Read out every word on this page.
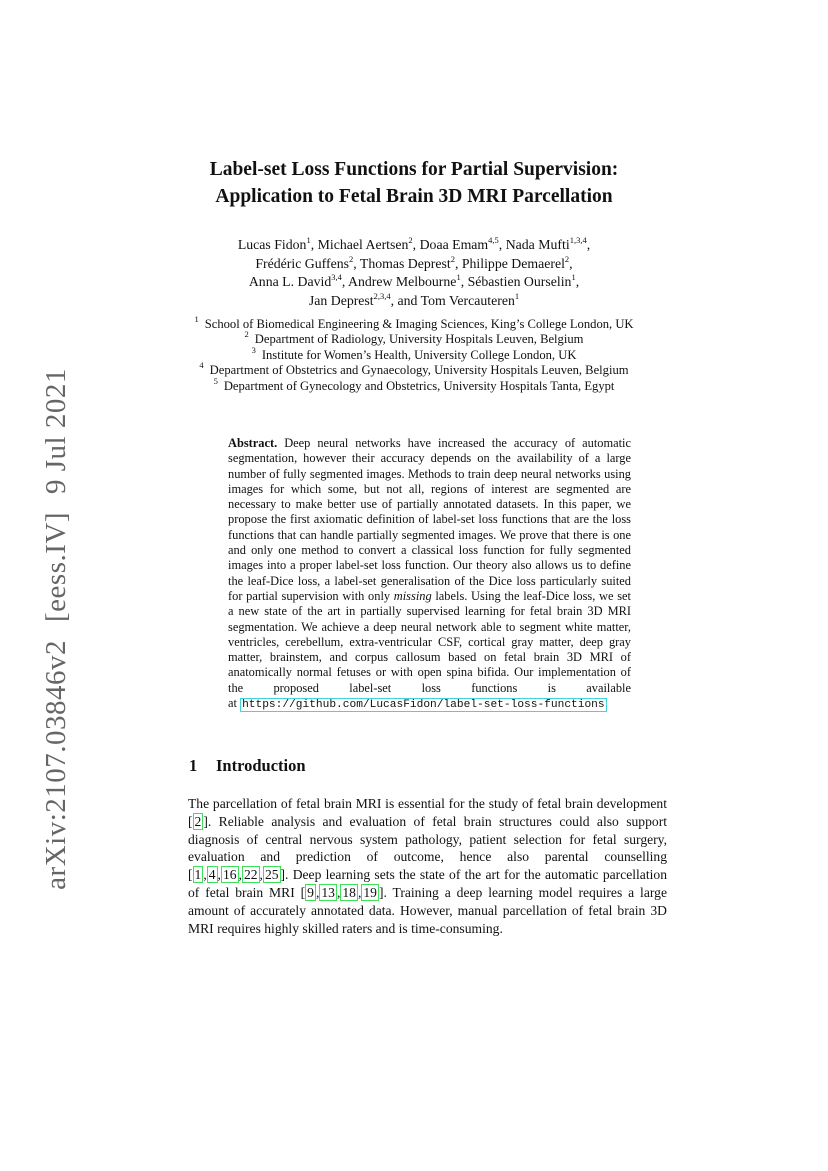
arXiv:2107.03846v2[eess.IV]9 Jul 2021
Label-set Loss Functions for Partial Supervision:
Application to Fetal Brain 3D MRI Parcellation
Lucas Fidon$^1$, Michael Aertsen$^2$, Doaa Emam$^{4,5}$, Nada Mufti$^{1,3,4}$,
Frédéric Guffens$^2$, Thomas Deprest$^2$, Philippe Demaerel$^2$,
Anna L. David$^{3,4}$, Andrew Melbourne$^1$, Sébastien Ourselin$^1$,
Jan Deprest$^{2,3,4}$, and Tom Vercauteren$^1$
$^1$ School of Biomedical Engineering & Imaging Sciences, King’s College London, UK
$^2$ Department of Radiology, University Hospitals Leuven, Belgium
$^3$ Institute for Women’s Health, University College London, UK
$^4$ Department of Obstetrics and Gynaecology, University Hospitals Leuven, Belgium
$^5$ Department of Gynecology and Obstetrics, University Hospitals Tanta, Egypt
Abstract. Deep neural networks have increased the accuracy of automatic segmentation, however their accuracy depends on the availability of a large number of fully segmented images. Methods to train deep neural networks using images for which some, but not all, regions of interest are segmented are necessary to make better use of partially annotated datasets. In this paper, we propose the first axiomatic definition of label-set loss functions that are the loss functions that can handle partially segmented images. We prove that there is one and only one method to convert a classical loss function for fully segmented images into a proper label-set loss function. Our theory also allows us to define the leaf-Dice loss, a label-set generalisation of the Dice loss particularly suited for partial supervision with only missing labels. Using the leaf-Dice loss, we set a new state of the art in partially supervised learning for fetal brain 3D MRI segmentation. We achieve a deep neural network able to segment white matter, ventricles, cerebellum, extra-ventricular CSF, cortical gray matter, deep gray matter, brainstem, and corpus callosum based on fetal brain 3D MRI of anatomically normal fetuses or with open spina bifida. Our implementation of the proposed label-set loss functions is available at https://github.com/LucasFidon/label-set-loss-functions
1 Introduction
The parcellation of fetal brain MRI is essential for the study of fetal brain development [ 2 ]. Reliable analysis and evaluation of fetal brain structures could also support diagnosis of central nervous system pathology, patient selection for fetal surgery, evaluation and prediction of outcome, hence also parental counselling [ 1 , 4 , 16 , 22 , 25 ]. Deep learning sets the state of the art for the automatic parcellation of fetal brain MRI [ 9 , 13 , 18 , 19 ]. Training a deep learning model requires a large amount of accurately annotated data. However, manual parcellation of fetal brain 3D MRI requires highly skilled raters and is time-consuming.
